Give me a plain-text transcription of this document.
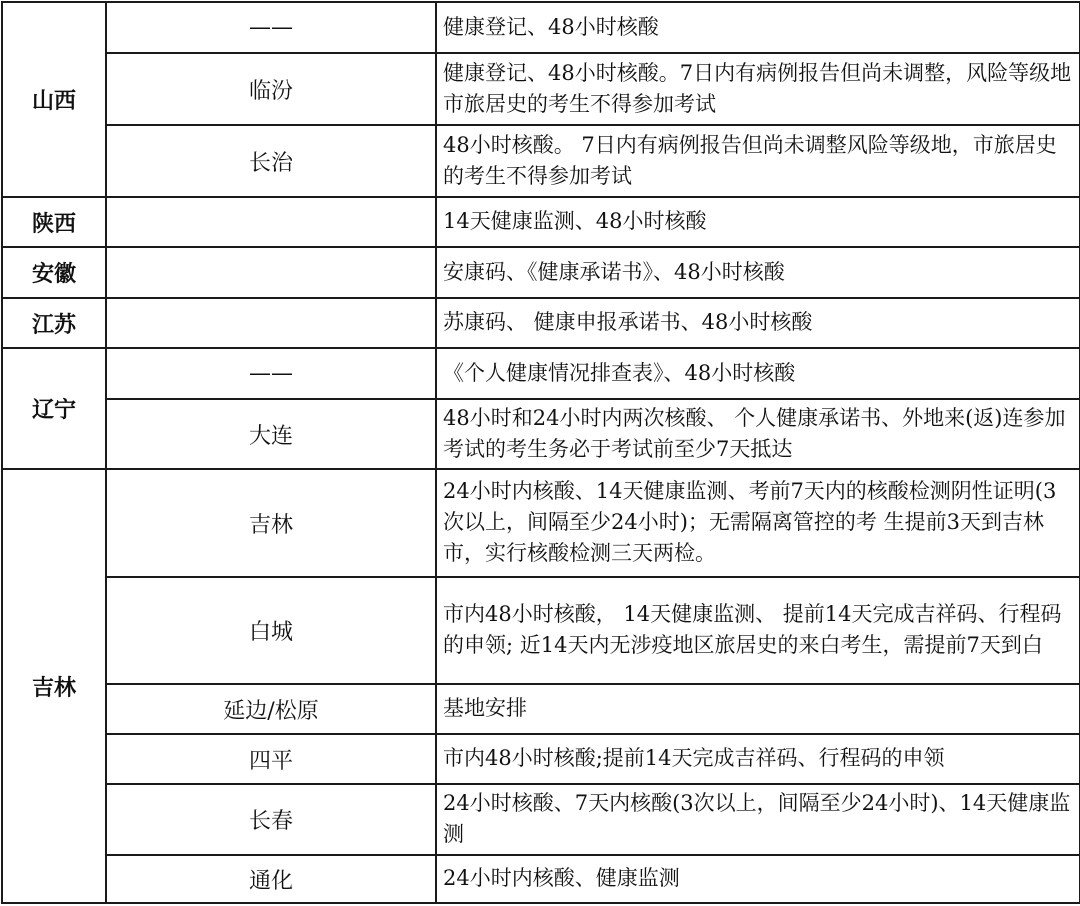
山西	——	健康登记、48小时核酸
	临汾	健康登记、48小时核酸。7日内有病例报告但尚未调整，风险等级地市旅居史的考生不得参加考试
	长治	48小时核酸。 7日内有病例报告但尚未调整风险等级地，市旅居史的考生不得参加考试
陕西		14天健康监测、48小时核酸
安徽		安康码、《健康承诺书》、48小时核酸
江苏		苏康码、 健康申报承诺书、48小时核酸
辽宁	——	《个人健康情况排查表》、48小时核酸
	大连	48小时和24小时内两次核酸、 个人健康承诺书、外地来(返)连参加考试的考生务必于考试前至少7天抵达
吉林	吉林	24小时内核酸、14天健康监测、考前7天内的核酸检测阴性证明(3次以上，间隔至少24小时)；无需隔离管控的考 生提前3天到吉林市，实行核酸检测三天两检。
	白城	市内48小时核酸， 14天健康监测、 提前14天完成吉祥码、行程码的申领; 近14天内无涉疫地区旅居史的来白考生，需提前7天到白
	延边/松原	基地安排
	四平	市内48小时核酸;提前14天完成吉祥码、行程码的申领
	长春	24小时核酸、7天内核酸(3次以上，间隔至少24小时)、14天健康监测
	通化	24小时内核酸、健康监测
